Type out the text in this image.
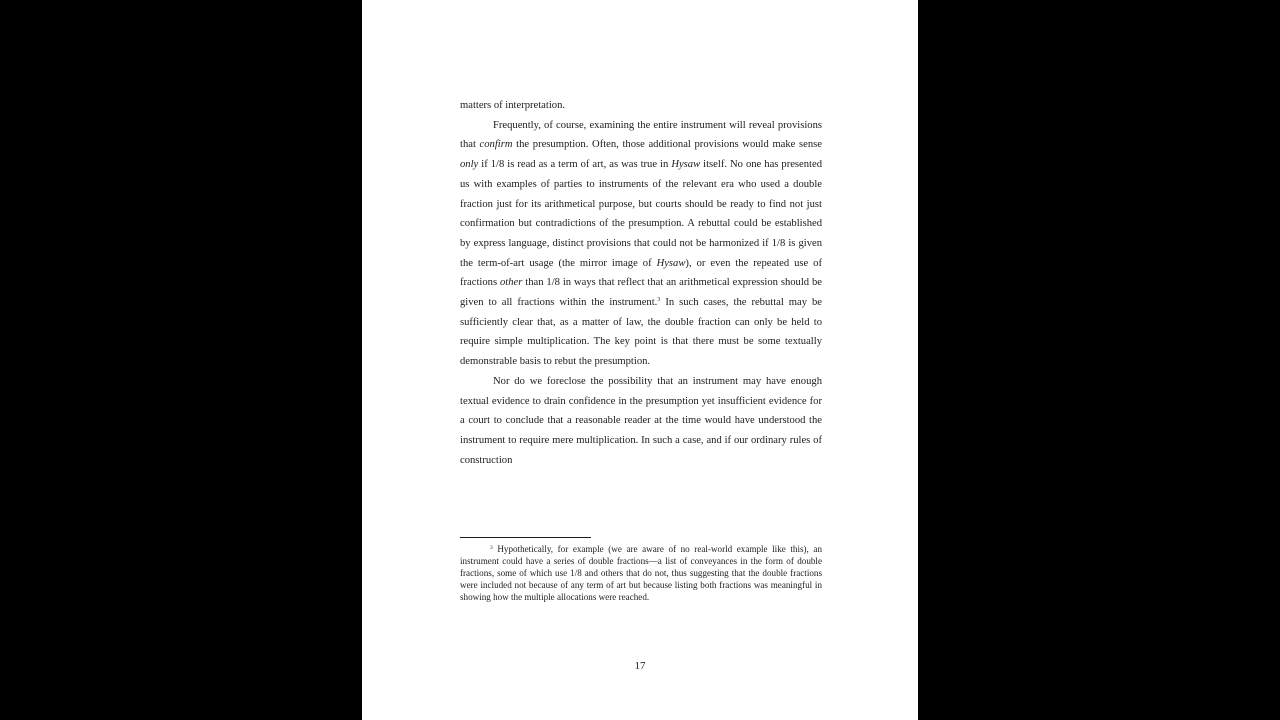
matters of interpretation.

Frequently, of course, examining the entire instrument will reveal provisions that confirm the presumption. Often, those additional provisions would make sense only if 1/8 is read as a term of art, as was true in Hysaw itself. No one has presented us with examples of parties to instruments of the relevant era who used a double fraction just for its arithmetical purpose, but courts should be ready to find not just confirmation but contradictions of the presumption. A rebuttal could be established by express language, distinct provisions that could not be harmonized if 1/8 is given the term-of-art usage (the mirror image of Hysaw), or even the repeated use of fractions other than 1/8 in ways that reflect that an arithmetical expression should be given to all fractions within the instrument.$^3$ In such cases, the rebuttal may be sufficiently clear that, as a matter of law, the double fraction can only be held to require simple multiplication. The key point is that there must be some textually demonstrable basis to rebut the presumption.

Nor do we foreclose the possibility that an instrument may have enough textual evidence to drain confidence in the presumption yet insufficient evidence for a court to conclude that a reasonable reader at the time would have understood the instrument to require mere multiplication. In such a case, and if our ordinary rules of construction

$^3$ Hypothetically, for example (we are aware of no real-world example like this), an instrument could have a series of double fractions—a list of conveyances in the form of double fractions, some of which use 1/8 and others that do not, thus suggesting that the double fractions were included not because of any term of art but because listing both fractions was meaningful in showing how the multiple allocations were reached.
17
